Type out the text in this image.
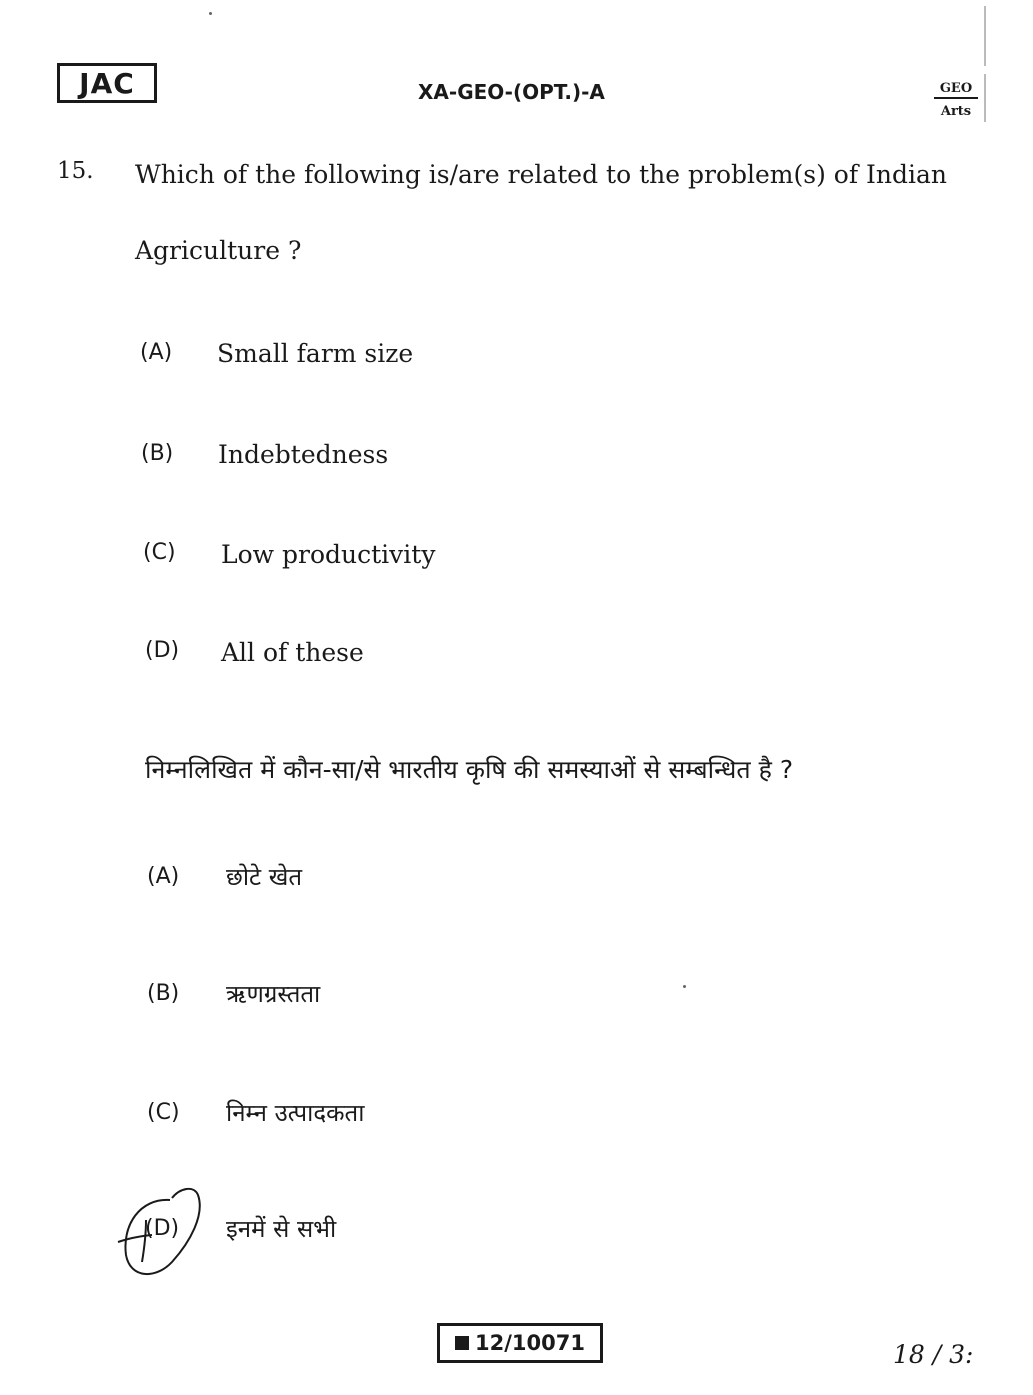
JAC	XA-GEO-(OPT.)-A	GEO
Arts
15. Which of the following is/are related to the problem(s) of Indian
Agriculture ?
(A) Small farm size
(B) Indebtedness
(C) Low productivity
(D) All of these
निम्नलिखित में कौन-सा/से भारतीय कृषि की समस्याओं से सम्बन्धित है ?
(A) छोटे खेत
(B) ऋणग्रस्तता
(C) निम्न उत्पादकता
(D) इनमें से सभी
12/10071	18 / 3:
